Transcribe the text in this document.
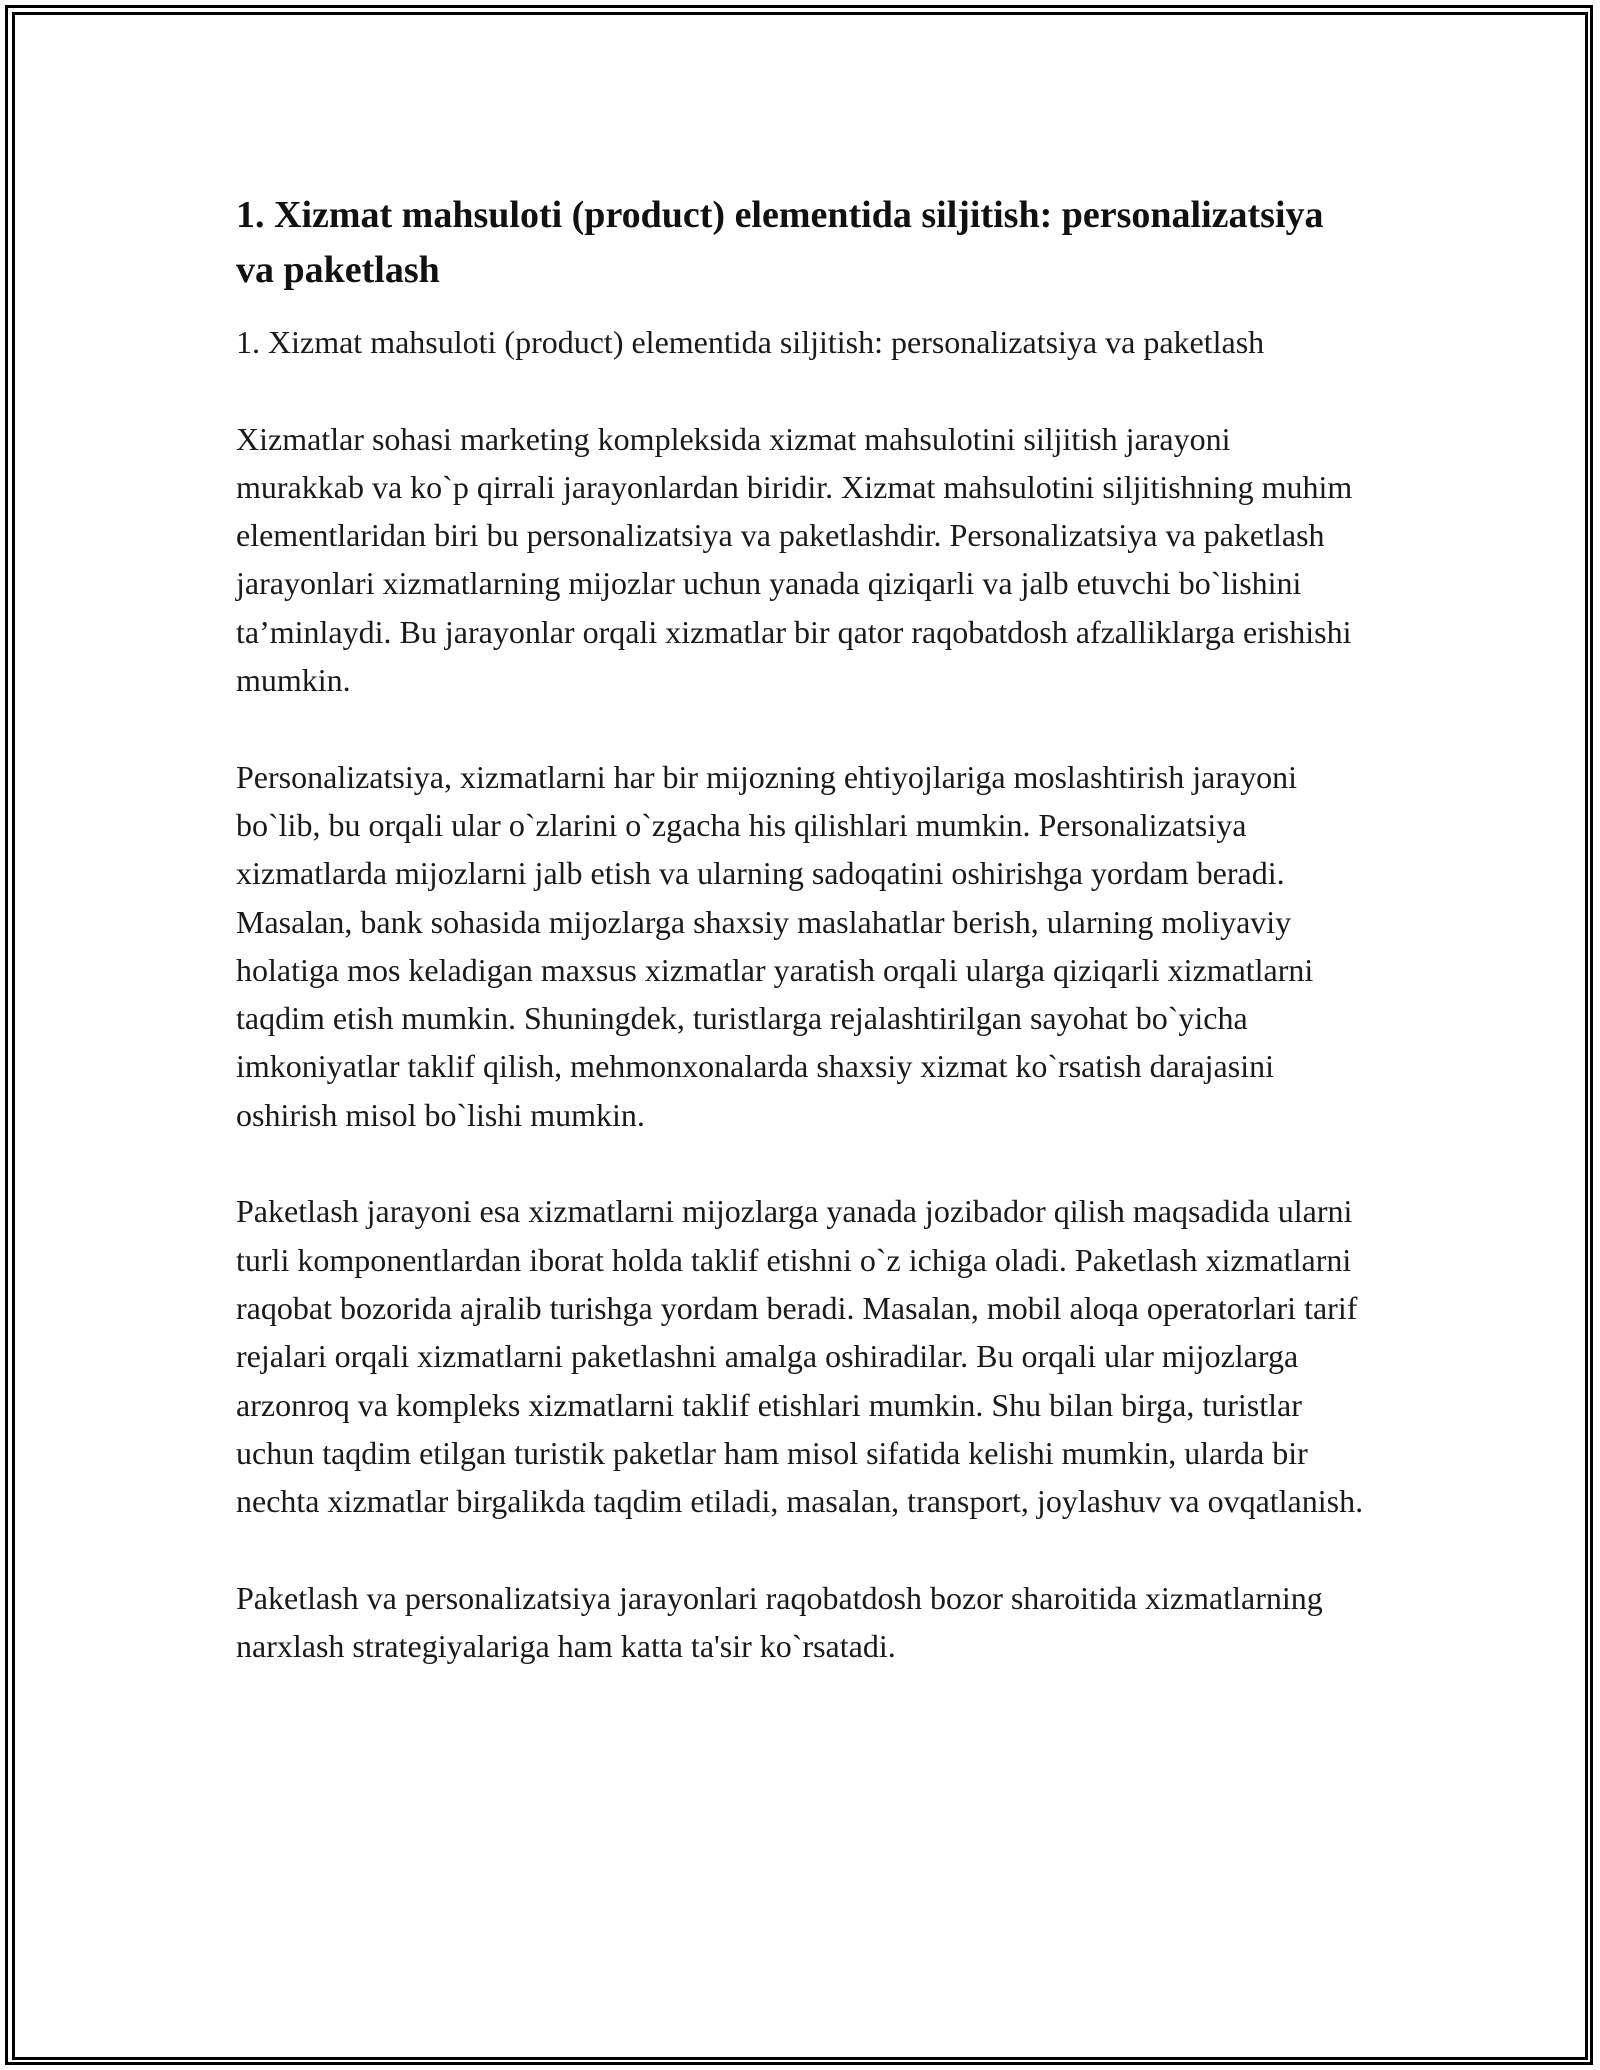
1. Xizmat mahsuloti (product) elementida siljitish: personalizatsiya va paketlash

1. Xizmat mahsuloti (product) elementida siljitish: personalizatsiya va paketlash

Xizmatlar sohasi marketing kompleksida xizmat mahsulotini siljitish jarayoni murakkab va ko`p qirrali jarayonlardan biridir. Xizmat mahsulotini siljitishning muhim elementlaridan biri bu personalizatsiya va paketlashdir. Personalizatsiya va paketlash jarayonlari xizmatlarning mijozlar uchun yanada qiziqarli va jalb etuvchi bo`lishini ta’minlaydi. Bu jarayonlar orqali xizmatlar bir qator raqobatdosh afzalliklarga erishishi mumkin.

Personalizatsiya, xizmatlarni har bir mijozning ehtiyojlariga moslashtirish jarayoni bo`lib, bu orqali ular o`zlarini o`zgacha his qilishlari mumkin. Personalizatsiya xizmatlarda mijozlarni jalb etish va ularning sadoqatini oshirishga yordam beradi. Masalan, bank sohasida mijozlarga shaxsiy maslahatlar berish, ularning moliyaviy holatiga mos keladigan maxsus xizmatlar yaratish orqali ularga qiziqarli xizmatlarni taqdim etish mumkin. Shuningdek, turistlarga rejalashtirilgan sayohat bo`yicha imkoniyatlar taklif qilish, mehmonxonalarda shaxsiy xizmat ko`rsatish darajasini oshirish misol bo`lishi mumkin.

Paketlash jarayoni esa xizmatlarni mijozlarga yanada jozibador qilish maqsadida ularni turli komponentlardan iborat holda taklif etishni o`z ichiga oladi. Paketlash xizmatlarni raqobat bozorida ajralib turishga yordam beradi. Masalan, mobil aloqa operatorlari tarif rejalari orqali xizmatlarni paketlashni amalga oshiradilar. Bu orqali ular mijozlarga arzonroq va kompleks xizmatlarni taklif etishlari mumkin. Shu bilan birga, turistlar uchun taqdim etilgan turistik paketlar ham misol sifatida kelishi mumkin, ularda bir nechta xizmatlar birgalikda taqdim etiladi, masalan, transport, joylashuv va ovqatlanish.

Paketlash va personalizatsiya jarayonlari raqobatdosh bozor sharoitida xizmatlarning narxlash strategiyalariga ham katta ta'sir ko`rsatadi.
